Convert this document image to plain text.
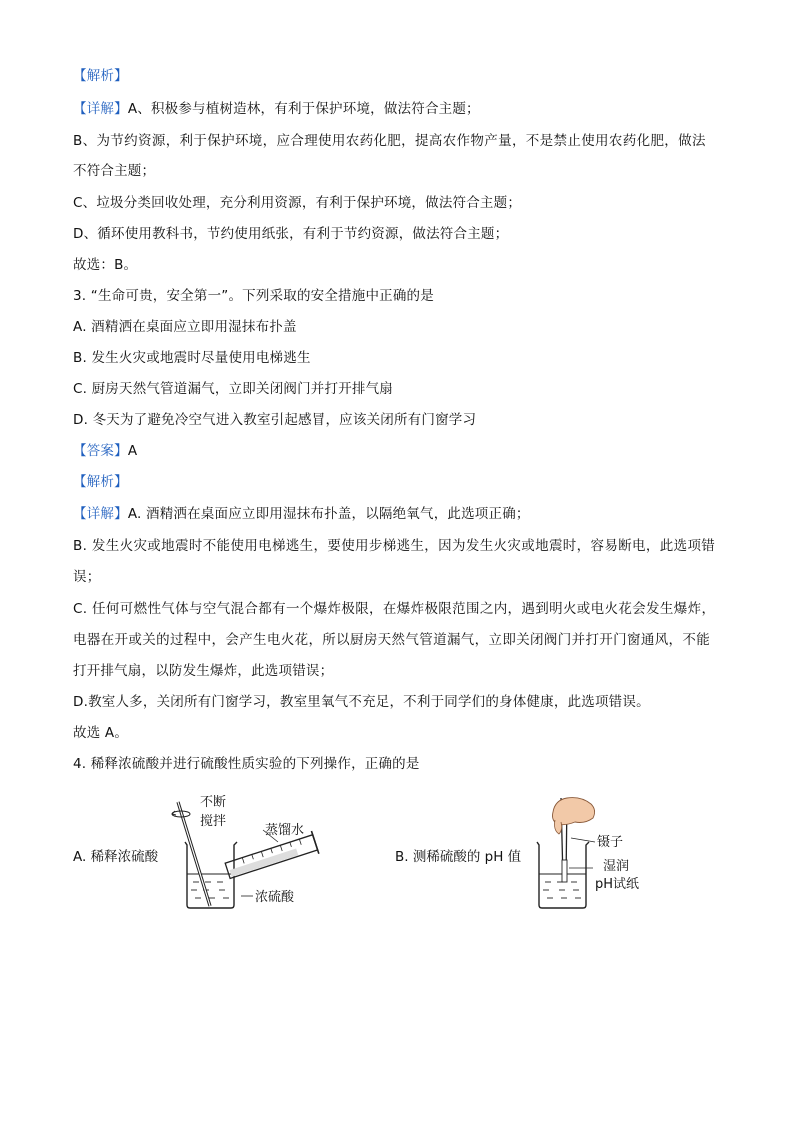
【解析】
【详解】A、积极参与植树造林，有利于保护环境，做法符合主题；
B、为节约资源，利于保护环境，应合理使用农药化肥，提高农作物产量，不是禁止使用农药化肥，做法
不符合主题；
C、垃圾分类回收处理，充分利用资源，有利于保护环境，做法符合主题；
D、循环使用教科书，节约使用纸张，有利于节约资源，做法符合主题；
故选：B。
3. “生命可贵，安全第一”。下列采取的安全措施中正确的是
A. 酒精洒在桌面应立即用湿抹布扑盖
B. 发生火灾或地震时尽量使用电梯逃生
C. 厨房天然气管道漏气，立即关闭阀门并打开排气扇
D. 冬天为了避免冷空气进入教室引起感冒，应该关闭所有门窗学习
【答案】A
【解析】
【详解】A. 酒精洒在桌面应立即用湿抹布扑盖，以隔绝氧气，此选项正确；
B. 发生火灾或地震时不能使用电梯逃生，要使用步梯逃生，因为发生火灾或地震时，容易断电，此选项错
误；
C. 任何可燃性气体与空气混合都有一个爆炸极限，在爆炸极限范围之内，遇到明火或电火花会发生爆炸，
电器在开或关的过程中，会产生电火花，所以厨房天然气管道漏气，立即关闭阀门并打开门窗通风，不能
打开排气扇，以防发生爆炸，此选项错误；
D.教室人多，关闭所有门窗学习，教室里氧气不充足，不利于同学们的身体健康，此选项错误。
故选 A。
4. 稀释浓硫酸并进行硫酸性质实验的下列操作，正确的是
A. 稀释浓硫酸
不断
搅拌
蒸馏水
浓硫酸
B. 测稀硫酸的 pH 值
镊子
湿润
pH试纸
